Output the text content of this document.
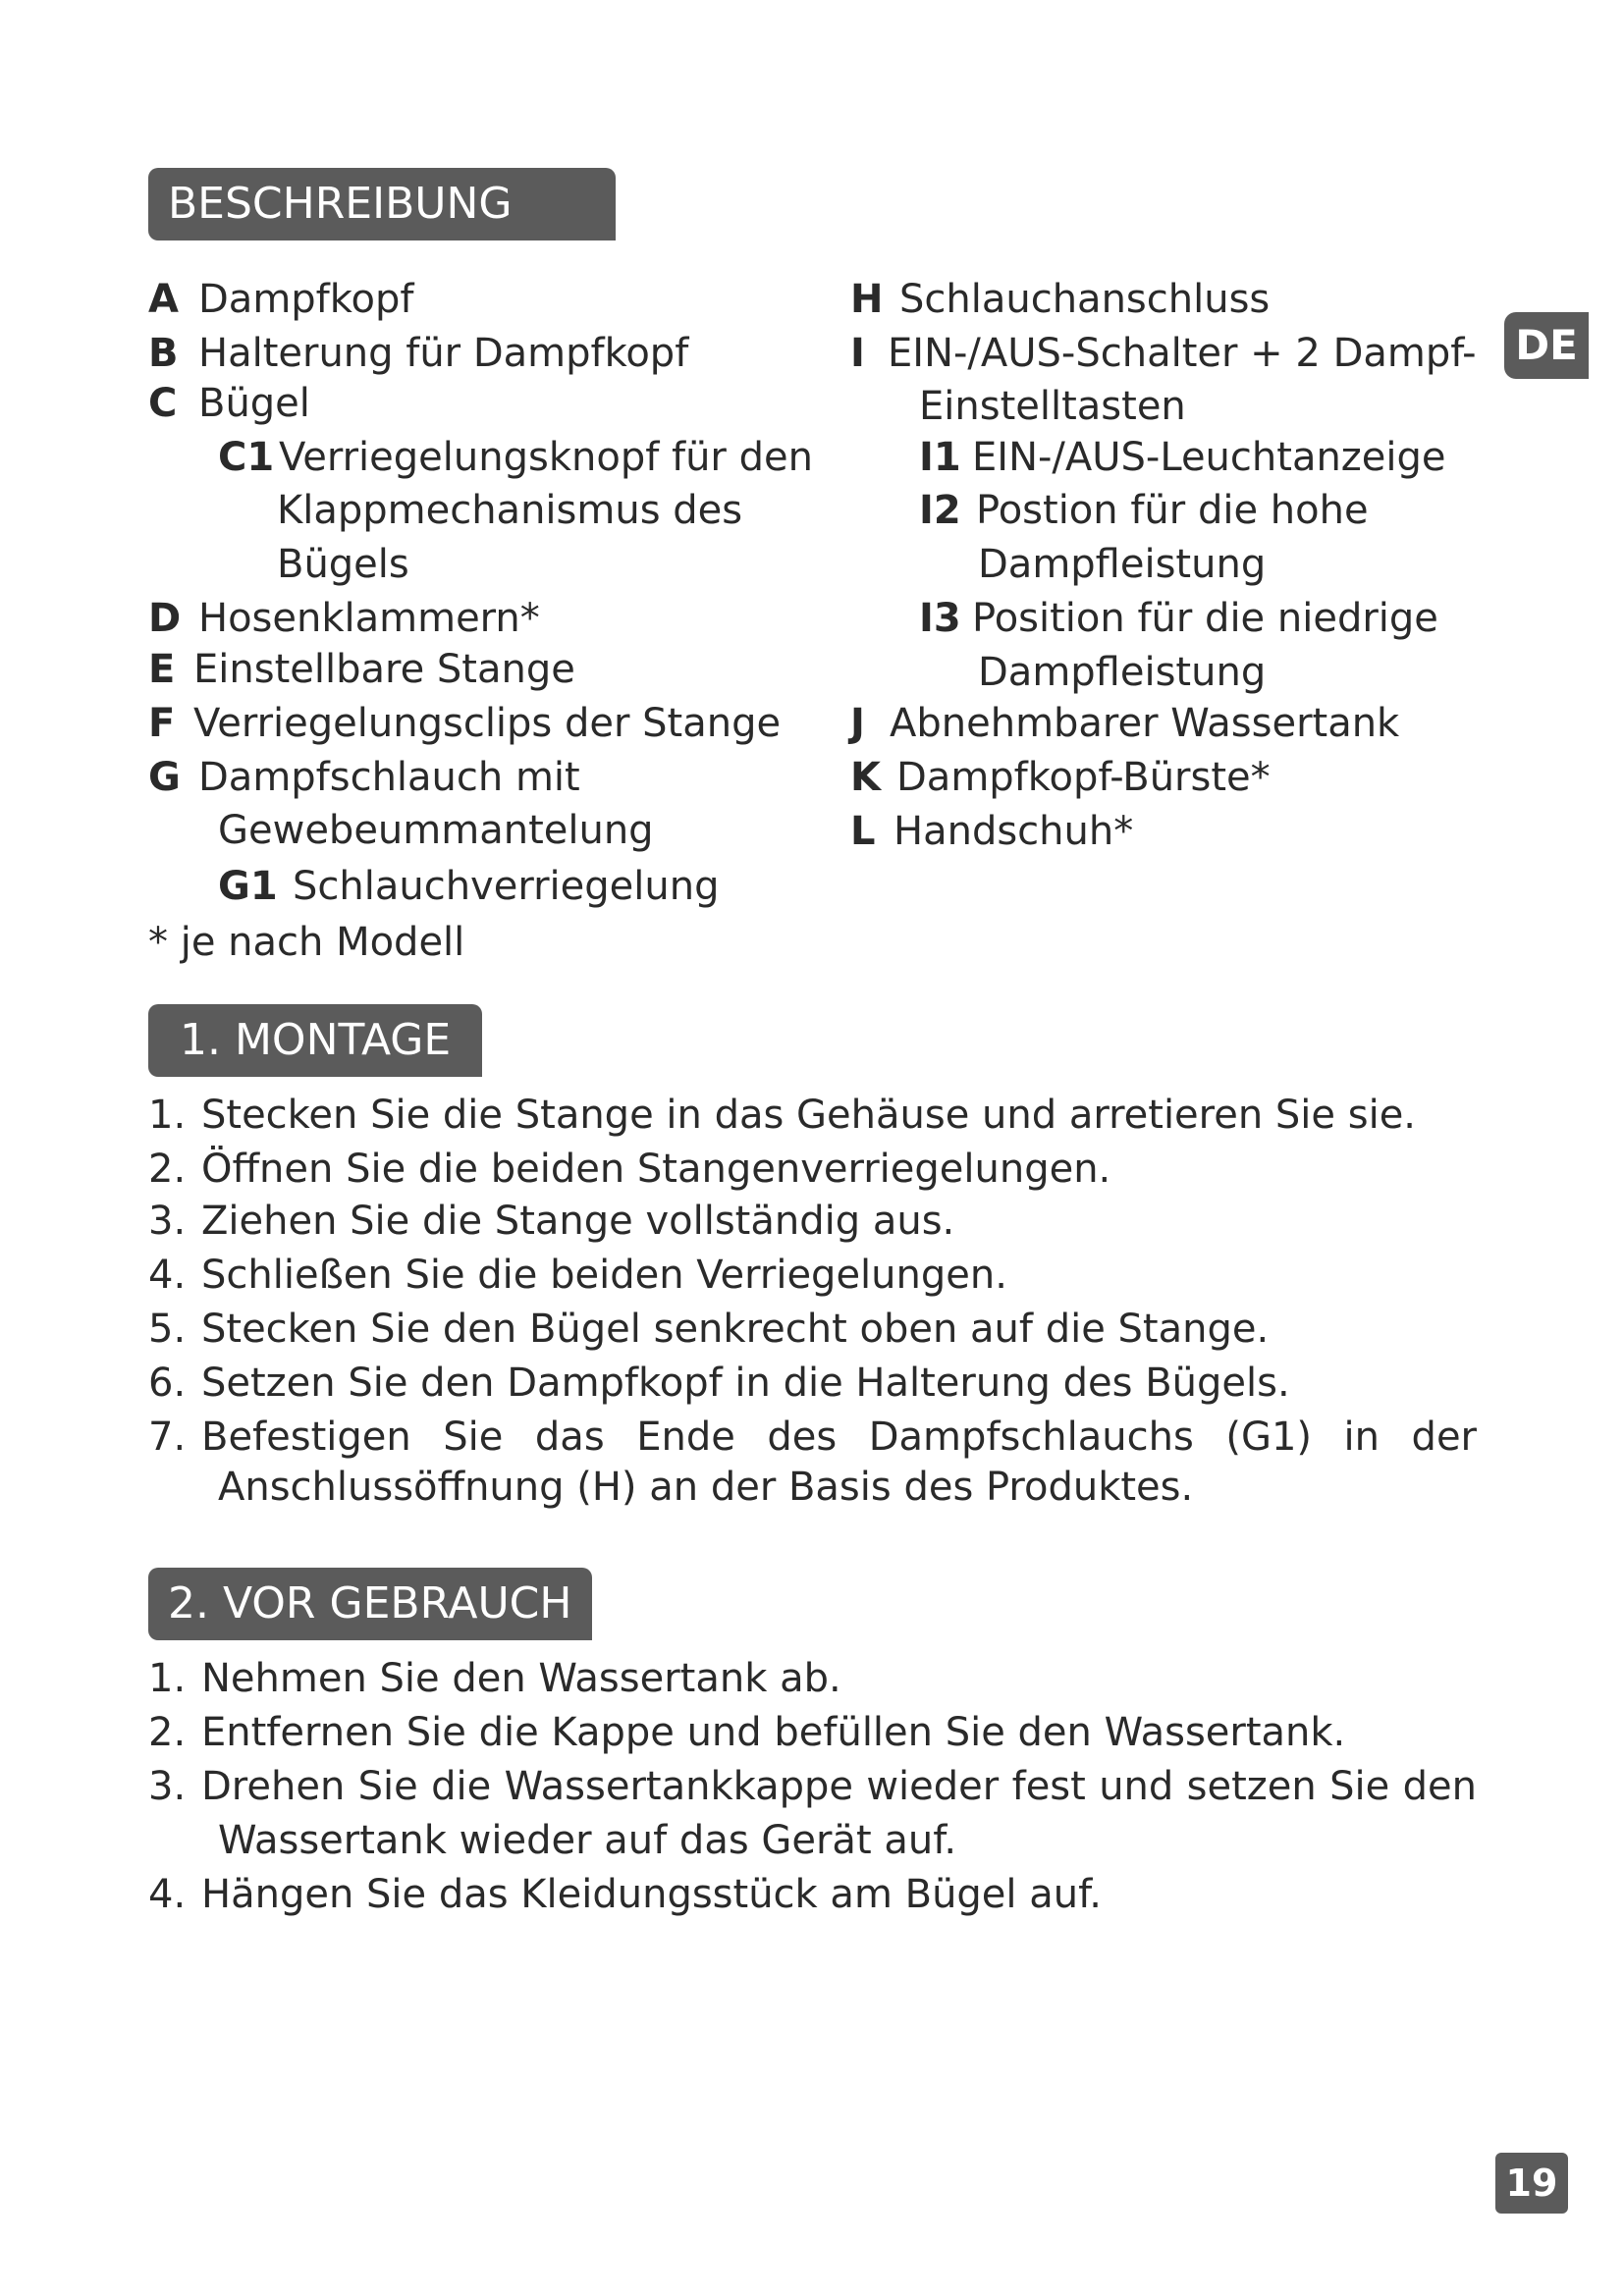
DE
19
BESCHREIBUNG
A Dampfkopf
B Halterung für Dampfkopf
C Bügel
C1 Verriegelungsknopf für den
Klappmechanismus des
Bügels
D Hosenklammern*
E Einstellbare Stange
F Verriegelungsclips der Stange
G Dampfschlauch mit
Gewebeummantelung
G1 Schlauchverriegelung
* je nach Modell
H Schlauchanschluss
I EIN-/AUS-Schalter + 2 Dampf-
Einstelltasten
I1 EIN-/AUS-Leuchtanzeige
I2 Postion für die hohe
Dampfleistung
I3 Position für die niedrige
Dampfleistung
J Abnehmbarer Wassertank
K Dampfkopf-Bürste*
L Handschuh*
1. MONTAGE
1. Stecken Sie die Stange in das Gehäuse und arretieren Sie sie.
2. Öffnen Sie die beiden Stangenverriegelungen.
3. Ziehen Sie die Stange vollständig aus.
4. Schließen Sie die beiden Verriegelungen.
5. Stecken Sie den Bügel senkrecht oben auf die Stange.
6. Setzen Sie den Dampfkopf in die Halterung des Bügels.
7. Befestigen Sie das Ende des Dampfschlauchs (G1) in der
Anschlussöffnung (H) an der Basis des Produktes.
2. VOR GEBRAUCH
1. Nehmen Sie den Wassertank ab.
2. Entfernen Sie die Kappe und befüllen Sie den Wassertank.
3. Drehen Sie die Wassertankkappe wieder fest und setzen Sie den
Wassertank wieder auf das Gerät auf.
4. Hängen Sie das Kleidungsstück am Bügel auf.
